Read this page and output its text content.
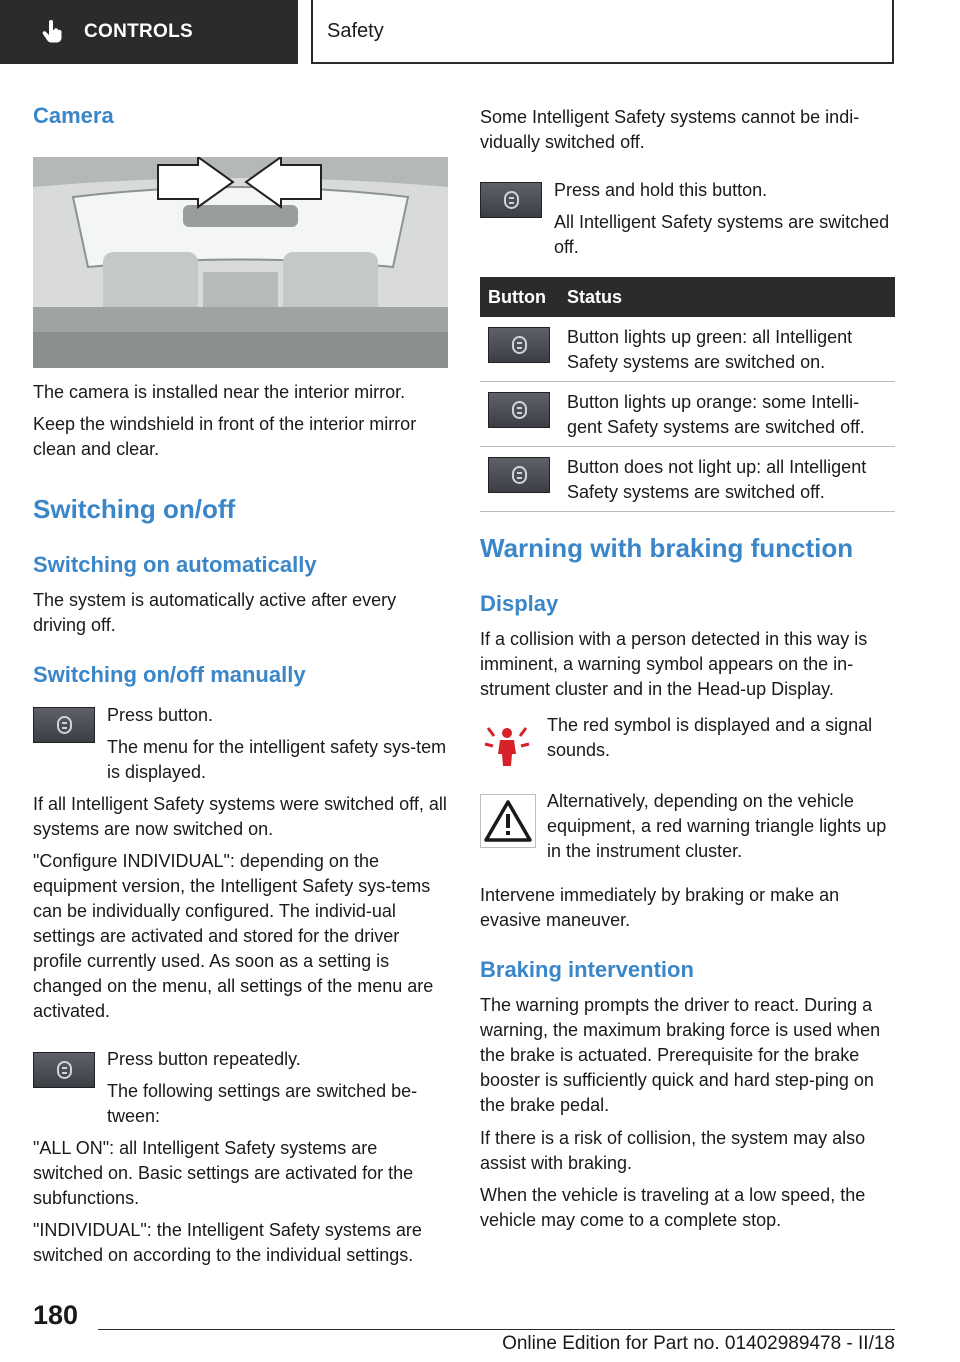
CONTROLS	Safety

Camera

The camera is installed near the interior mirror.

Keep the windshield in front of the interior mirror clean and clear.

Switching on/off

Switching on automatically

The system is automatically active after every driving off.

Switching on/off manually

Press button.

The menu for the intelligent safety sys-tem is displayed.

If all Intelligent Safety systems were switched off, all systems are now switched on.

"Configure INDIVIDUAL": depending on the equipment version, the Intelligent Safety sys-tems can be individually configured. The individ-ual settings are activated and stored for the driver profile currently used. As soon as a setting is changed on the menu, all settings of the menu are activated.

Press button repeatedly.

The following settings are switched be-tween:

"ALL ON": all Intelligent Safety systems are switched on. Basic settings are activated for the subfunctions.

"INDIVIDUAL": the Intelligent Safety systems are switched on according to the individual settings.

Some Intelligent Safety systems cannot be indi-vidually switched off.

Press and hold this button.

All Intelligent Safety systems are switched off.

Button Status

Button lights up green: all Intelligent Safety systems are switched on.

Button lights up orange: some Intelli-gent Safety systems are switched off.

Button does not light up: all Intelligent Safety systems are switched off.

Warning with braking function

Display

If a collision with a person detected in this way is imminent, a warning symbol appears on the in-strument cluster and in the Head-up Display.

The red symbol is displayed and a signal sounds.

Alternatively, depending on the vehicle equipment, a red warning triangle lights up in the instrument cluster.

Intervene immediately by braking or make an evasive maneuver.

Braking intervention

The warning prompts the driver to react. During a warning, the maximum braking force is used when the brake is actuated. Prerequisite for the brake booster is sufficiently quick and hard step-ping on the brake pedal.

If there is a risk of collision, the system may also assist with braking.

When the vehicle is traveling at a low speed, the vehicle may come to a complete stop.

180
Online Edition for Part no. 01402989478 - II/18
